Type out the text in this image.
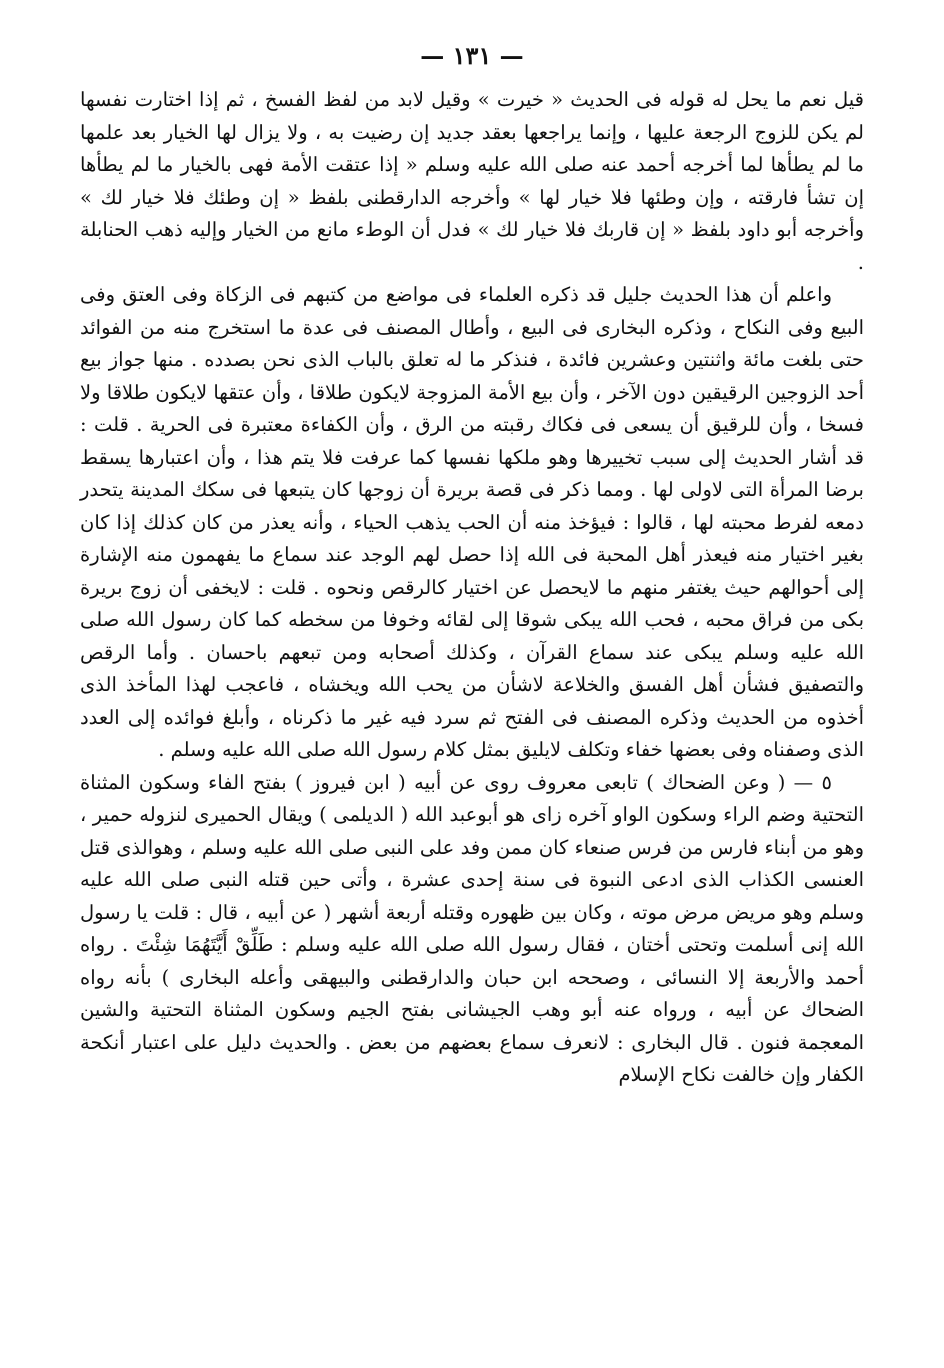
— ١٣١ —

قيل نعم ما يحل له قوله فى الحديث « خيرت » وقيل لابد من لفظ الفسخ ، ثم إذا اختارت نفسها لم يكن للزوج الرجعة عليها ، وإنما يراجعها بعقد جديد إن رضيت به ، ولا يزال لها الخيار بعد علمها ما لم يطأها لما أخرجه أحمد عنه صلى الله عليه وسلم « إذا عتقت الأمة فهى بالخيار ما لم يطأها إن تشأ فارقته ، وإن وطئها فلا خيار لها » وأخرجه الدارقطنى بلفظ « إن وطئك فلا خيار لك » وأخرجه أبو داود بلفظ « إن قاربك فلا خيار لك » فدل أن الوطء مانع من الخيار وإليه ذهب الحنابلة .

واعلم أن هذا الحديث جليل قد ذكره العلماء فى مواضع من كتبهم فى الزكاة وفى العتق وفى البيع وفى النكاح ، وذكره البخارى فى البيع ، وأطال المصنف فى عدة ما استخرج منه من الفوائد حتى بلغت مائة واثنتين وعشرين فائدة ، فنذكر ما له تعلق بالباب الذى نحن بصدده . منها جواز بيع أحد الزوجين الرقيقين دون الآخر ، وأن بيع الأمة المزوجة لايكون طلاقا ، وأن عتقها لايكون طلاقا ولا فسخا ، وأن للرقيق أن يسعى فى فكاك رقبته من الرق ، وأن الكفاءة معتبرة فى الحرية . قلت : قد أشار الحديث إلى سبب تخييرها وهو ملكها نفسها كما عرفت فلا يتم هذا ، وأن اعتبارها يسقط برضا المرأة التى لاولى لها . ومما ذكر فى قصة بريرة أن زوجها كان يتبعها فى سكك المدينة يتحدر دمعه لفرط محبته لها ، قالوا : فيؤخذ منه أن الحب يذهب الحياء ، وأنه يعذر من كان كذلك إذا كان بغير اختيار منه فيعذر أهل المحبة فى الله إذا حصل لهم الوجد عند سماع ما يفهمون منه الإشارة إلى أحوالهم حيث يغتفر منهم ما لايحصل عن اختيار كالرقص ونحوه . قلت : لايخفى أن زوج بريرة بكى من فراق محبه ، فحب الله يبكى شوقا إلى لقائه وخوفا من سخطه كما كان رسول الله صلى الله عليه وسلم يبكى عند سماع القرآن ، وكذلك أصحابه ومن تبعهم باحسان . وأما الرقص والتصفيق فشأن أهل الفسق والخلاعة لاشأن من يحب الله ويخشاه ، فاعجب لهذا المأخذ الذى أخذوه من الحديث وذكره المصنف فى الفتح ثم سرد فيه غير ما ذكرناه ، وأبلغ فوائده إلى العدد الذى وصفناه وفى بعضها خفاء وتكلف لايليق بمثل كلام رسول الله صلى الله عليه وسلم .

٥ — ( وعن الضحاك ) تابعى معروف روى عن أبيه ( ابن فيروز ) بفتح الفاء وسكون المثناة التحتية وضم الراء وسكون الواو آخره زاى هو أبوعبد الله ( الديلمى ) ويقال الحميرى لنزوله حمير ، وهو من أبناء فارس من فرس صنعاء كان ممن وفد على النبى صلى الله عليه وسلم ، وهوالذى قتل العنسى الكذاب الذى ادعى النبوة فى سنة إحدى عشرة ، وأتى حين قتله النبى صلى الله عليه وسلم وهو مريض مرض موته ، وكان بين ظهوره وقتله أربعة أشهر ( عن أبيه ، قال : قلت يا رسول الله إنى أسلمت وتحتى أختان ، فقال رسول الله صلى الله عليه وسلم : طَلِّقْ أَيَّتَهُمَا شِئْتَ . رواه أحمد والأربعة إلا النسائى ، وصححه ابن حبان والدارقطنى والبيهقى وأعله البخارى ) بأنه رواه الضحاك عن أبيه ، ورواه عنه أبو وهب الجيشانى بفتح الجيم وسكون المثناة التحتية والشين المعجمة فنون . قال البخارى : لانعرف سماع بعضهم من بعض . والحديث دليل على اعتبار أنكحة الكفار وإن خالفت نكاح الإسلام
